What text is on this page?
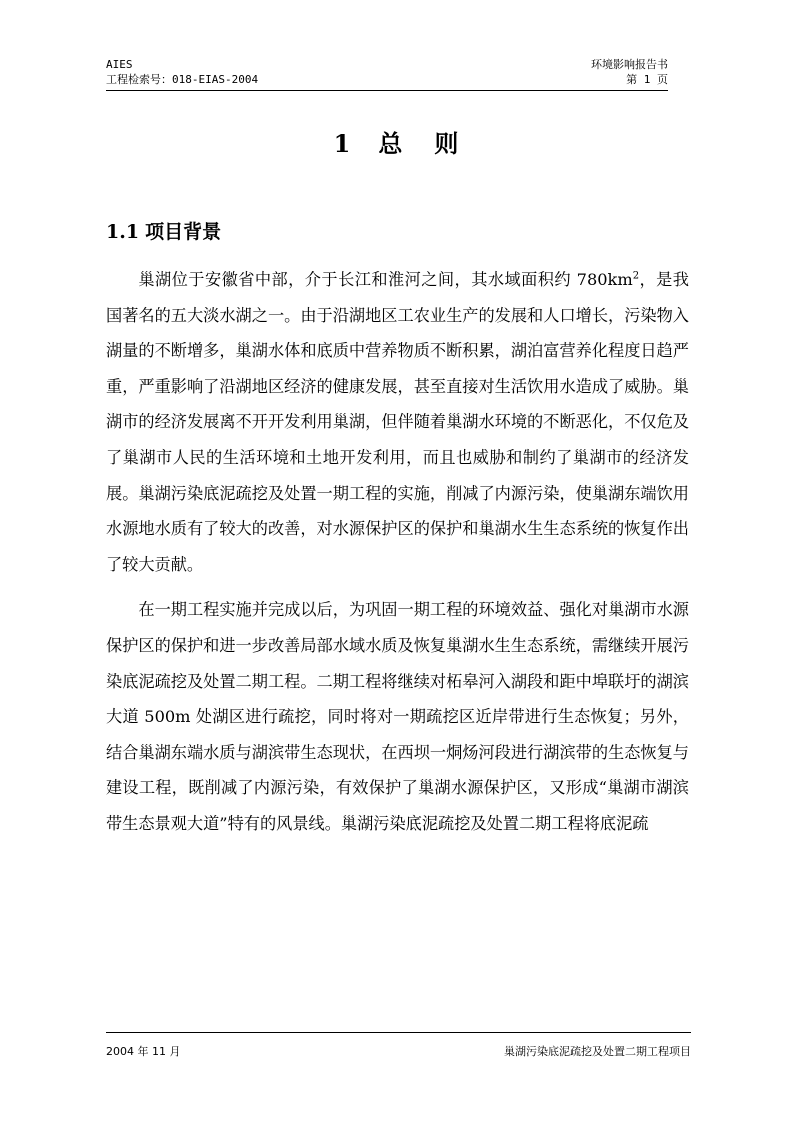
AIES
工程检索号：018-EIAS-2004
环境影响报告书
第 1 页
1 总 则
1.1 项目背景

巢湖位于安徽省中部，介于长江和淮河之间，其水域面积约 $780km^2$，是我国著名的五大淡水湖之一。由于沿湖地区工农业生产的发展和人口增长，污染物入湖量的不断增多，巢湖水体和底质中营养物质不断积累，湖泊富营养化程度日趋严重，严重影响了沿湖地区经济的健康发展，甚至直接对生活饮用水造成了威胁。巢湖市的经济发展离不开开发利用巢湖，但伴随着巢湖水环境的不断恶化，不仅危及了巢湖市人民的生活环境和土地开发利用，而且也威胁和制约了巢湖市的经济发展。巢湖污染底泥疏挖及处置一期工程的实施，削减了内源污染，使巢湖东端饮用水源地水质有了较大的改善，对水源保护区的保护和巢湖水生生态系统的恢复作出了较大贡献。

在一期工程实施并完成以后，为巩固一期工程的环境效益、强化对巢湖市水源保护区的保护和进一步改善局部水域水质及恢复巢湖水生生态系统，需继续开展污染底泥疏挖及处置二期工程。二期工程将继续对柘皋河入湖段和距中埠联圩的湖滨大道 500m 处湖区进行疏挖，同时将对一期疏挖区近岸带进行生态恢复；另外，结合巢湖东端水质与湖滨带生态现状，在西坝一烔炀河段进行湖滨带的生态恢复与建设工程，既削减了内源污染，有效保护了巢湖水源保护区，又形成“巢湖市湖滨带生态景观大道”特有的风景线。巢湖污染底泥疏挖及处置二期工程将底泥疏

2004 年 11 月	巢湖污染底泥疏挖及处置二期工程项目
